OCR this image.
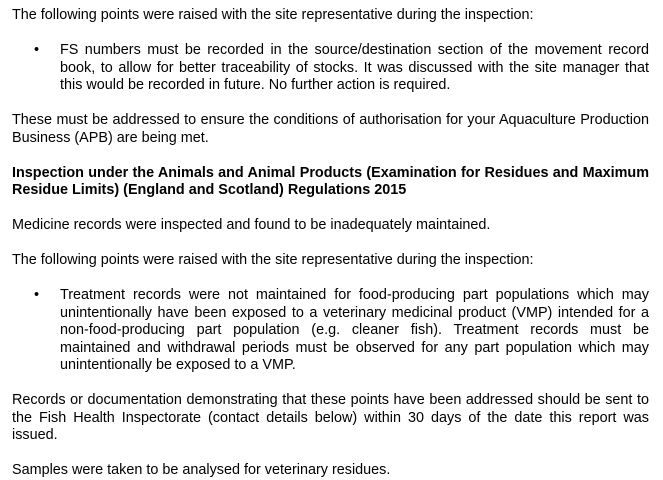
The following points were raised with the site representative during the inspection:

• FS numbers must be recorded in the source/destination section of the movement record book, to allow for better traceability of stocks. It was discussed with the site manager that this would be recorded in future. No further action is required.

These must be addressed to ensure the conditions of authorisation for your Aquaculture Production Business (APB) are being met.

Inspection under the Animals and Animal Products (Examination for Residues and Maximum Residue Limits) (England and Scotland) Regulations 2015

Medicine records were inspected and found to be inadequately maintained.

The following points were raised with the site representative during the inspection:

• Treatment records were not maintained for food-producing part populations which may unintentionally have been exposed to a veterinary medicinal product (VMP) intended for a non-food-producing part population (e.g. cleaner fish). Treatment records must be maintained and withdrawal periods must be observed for any part population which may unintentionally be exposed to a VMP.

Records or documentation demonstrating that these points have been addressed should be sent to the Fish Health Inspectorate (contact details below) within 30 days of the date this report was issued.

Samples were taken to be analysed for veterinary residues.
